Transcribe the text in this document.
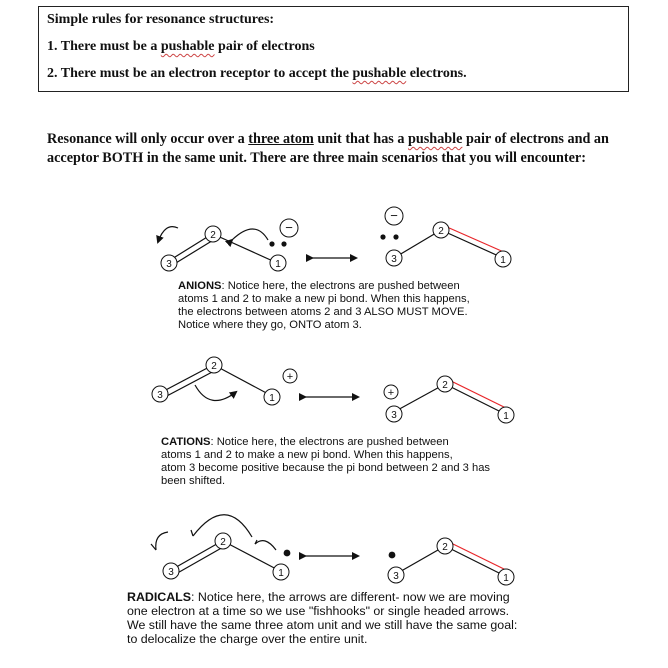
Simple rules for resonance structures:
1. There must be a pushable pair of electrons
2. There must be an electron receptor to accept the pushable electrons.
Resonance will only occur over a three atom unit that has a pushable pair of electrons and an acceptor BOTH in the same unit. There are three main scenarios that you will encounter:
3
2
1
−
3
2
1
−
3
2
1
+
3
2
1
+
3
2
1	3
2
1
ANIONS: Notice here, the electrons are pushed between
atoms 1 and 2 to make a new pi bond. When this happens,
the electrons between atoms 2 and 3 ALSO MUST MOVE.
Notice where they go, ONTO atom 3.
CATIONS: Notice here, the electrons are pushed between
atoms 1 and 2 to make a new pi bond. When this happens,
atom 3 become positive because the pi bond between 2 and 3 has
been shifted.
RADICALS: Notice here, the arrows are different- now we are moving
one electron at a time so we use "fishhooks" or single headed arrows.
We still have the same three atom unit and we still have the same goal:
to delocalize the charge over the entire unit.
